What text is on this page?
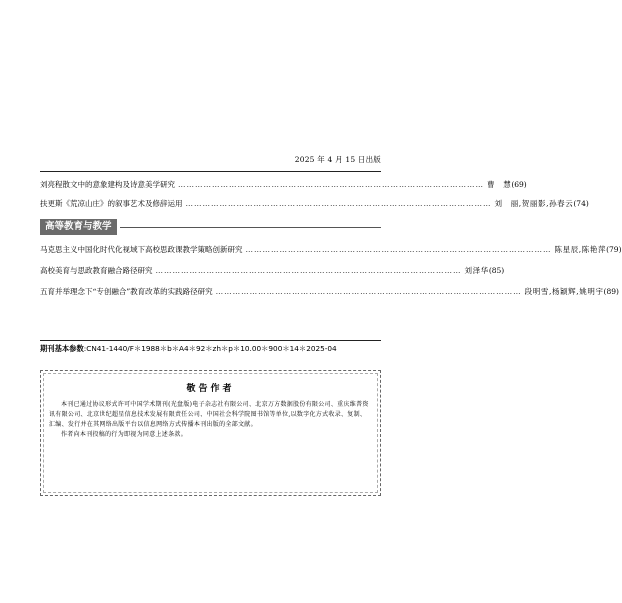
2025 年 4 月 15 日出版
刘亮程散文中的意象建构及诗意美学研究 ……………………………………………………………………………………………… 曹　慧 (69)
扶更斯《荒凉山庄》的叙事艺术及修辞运用 ……………………………………………………………………………………………… 刘　丽,贺丽影,孙春云 (74)
高等教育与教学
马克思主义中国化时代化视域下高校思政课教学策略创新研究 ……………………………………………………………………………………………… 陈星辰,陈艳萍 (79)
高校美育与思政教育融合路径研究 ……………………………………………………………………………………………… 刘泽华 (85)
五育并举理念下“专创融合”教育改革的实践路径研究 ……………………………………………………………………………………………… 段明雪,杨颖辉,姚明宇 (89)
期刊基本参数:CN41-1440/F＊1988＊b＊A4＊92＊zh＊p＊10.00＊900＊14＊2025-04
敬告作者

本刊已通过协议形式许可中国学术期刊(光盘版)电子杂志社有限公司、北京万方数据股份有限公司、重庆维普资讯有限公司、北京世纪超星信息技术发展有限责任公司、中国社会科学院图书馆等单位,以数字化方式收录、复制、汇编、发行并在其网络出版平台以信息网络方式传播本刊出版的全部文献。

作者向本刊投稿的行为即视为同意上述条款。
